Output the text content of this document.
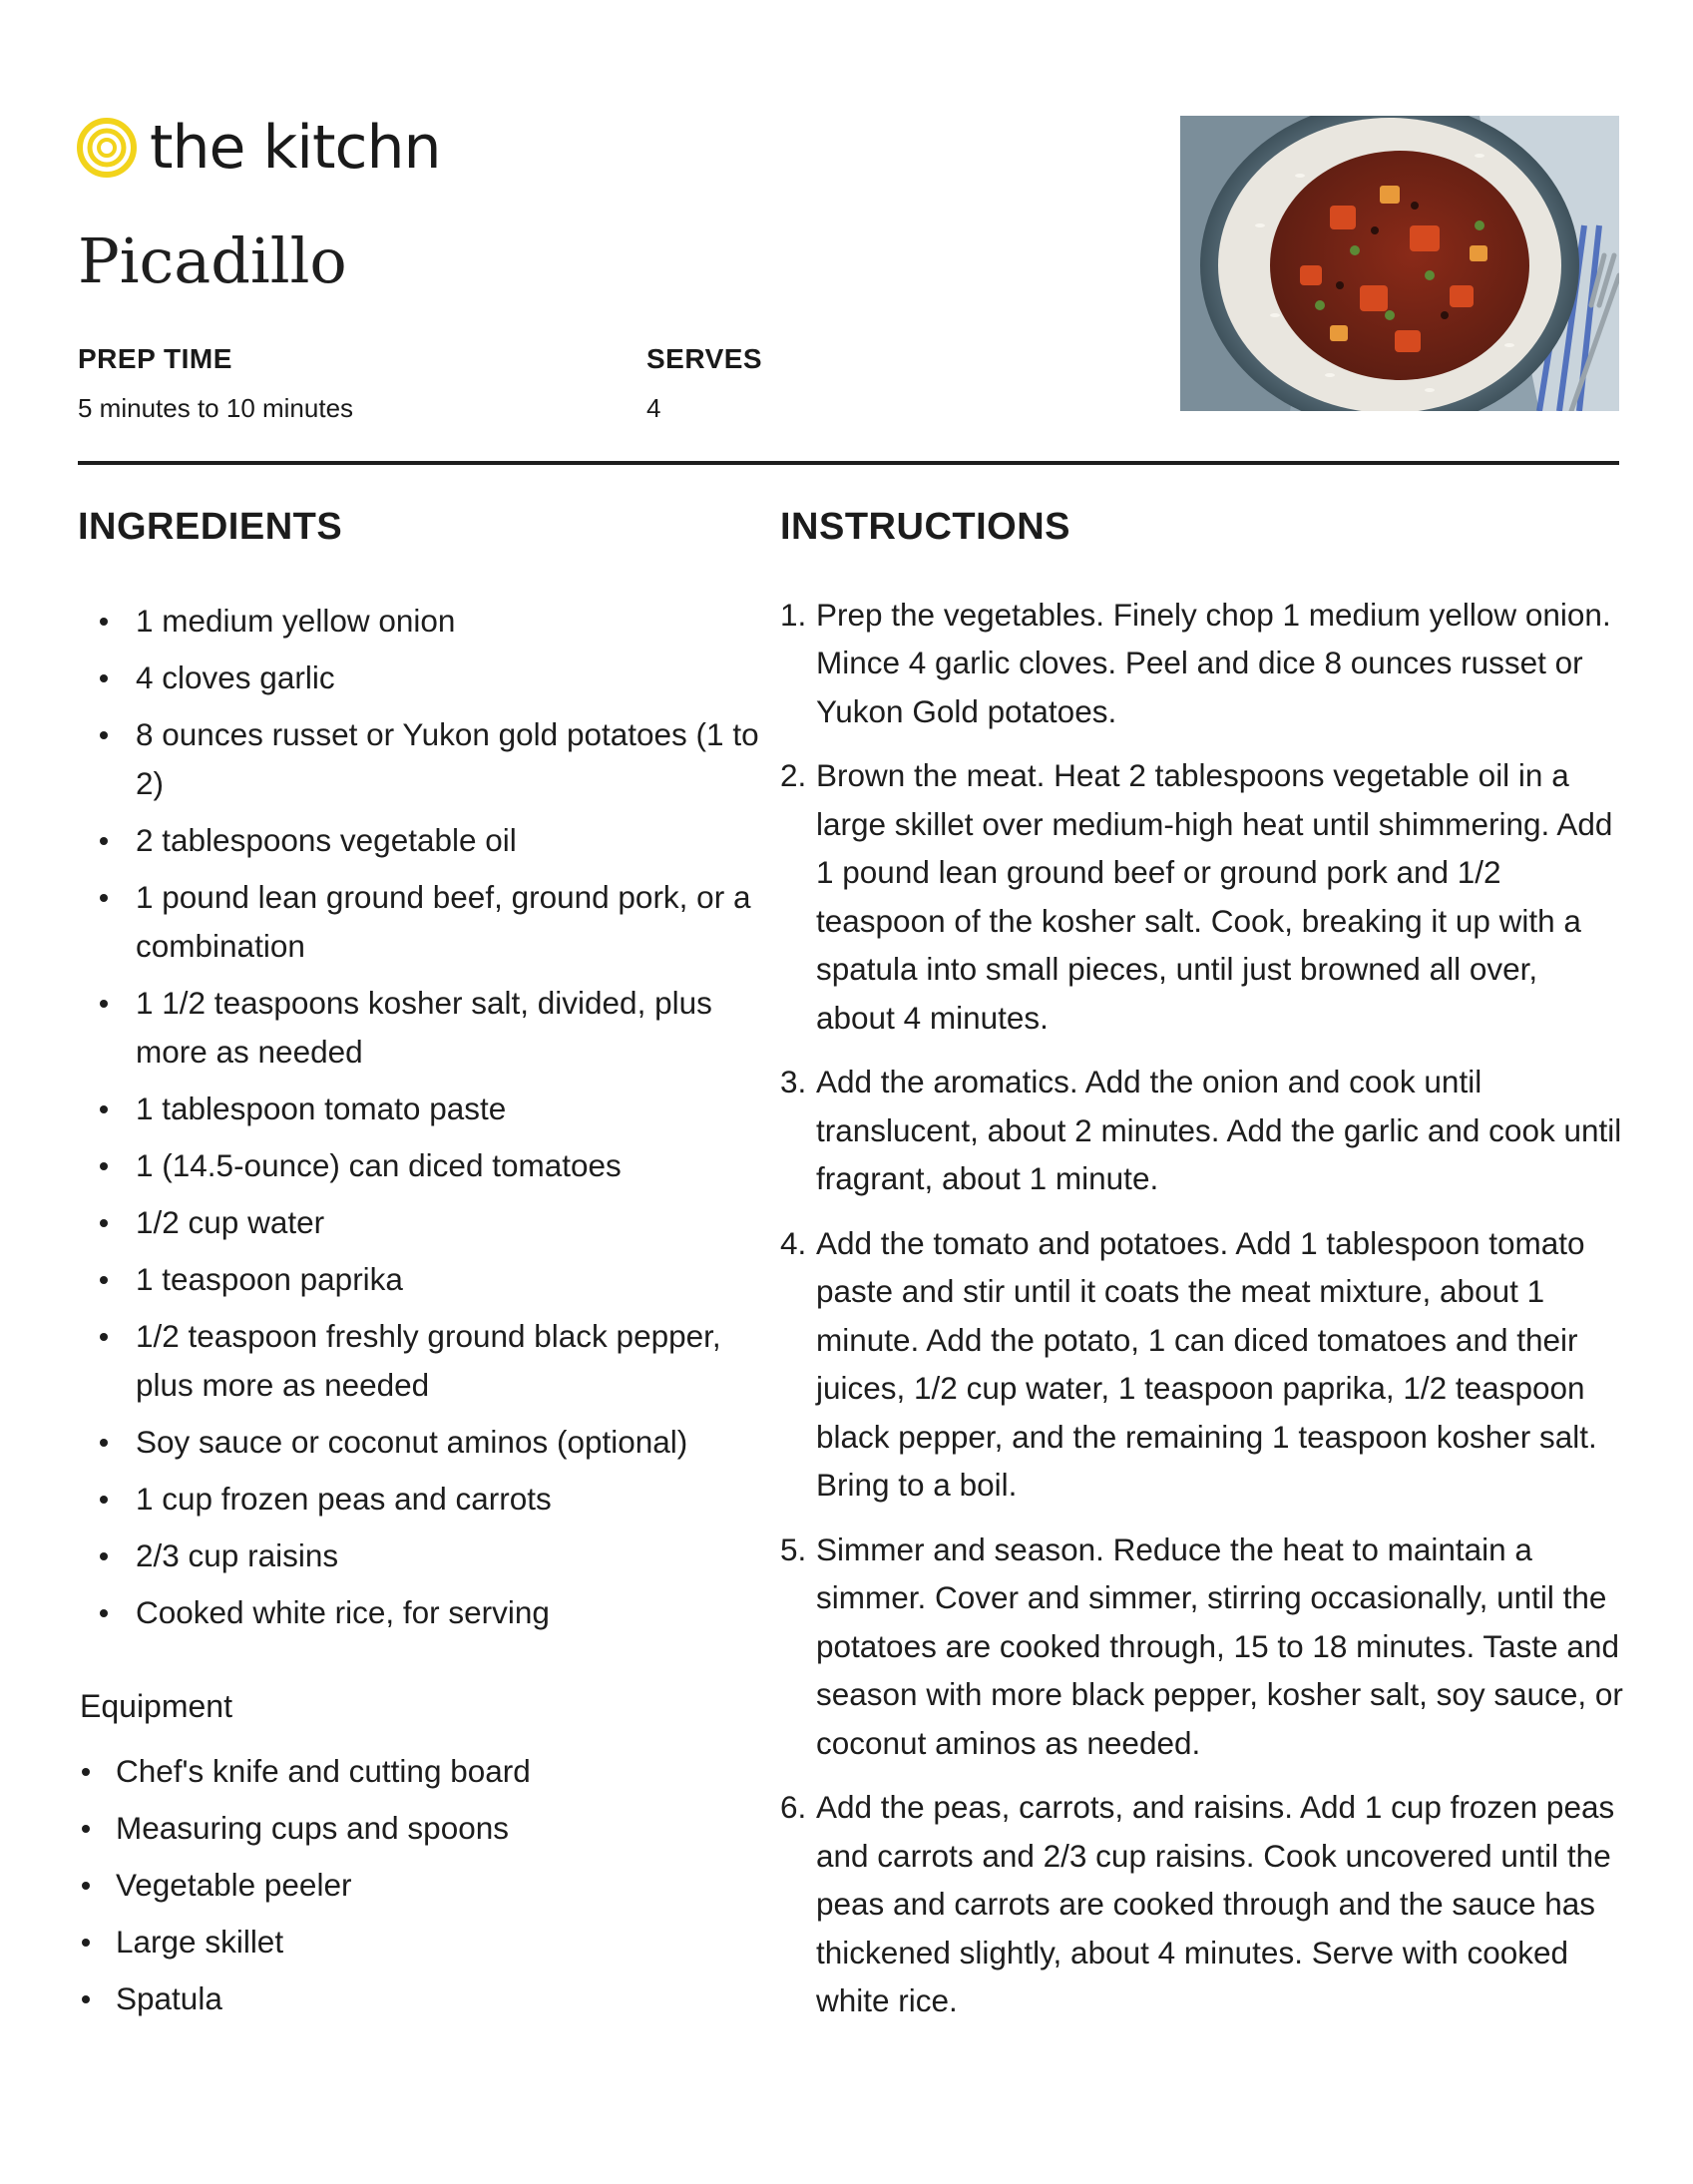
the kitchn
Picadillo
PREP TIME
5 minutes to 10 minutes
SERVES
4
INGREDIENTS
1 medium yellow onion
4 cloves garlic
8 ounces russet or Yukon gold potatoes (1 to 2)
2 tablespoons vegetable oil
1 pound lean ground beef, ground pork, or a combination
1 1/2 teaspoons kosher salt, divided, plus more as needed
1 tablespoon tomato paste
1 (14.5-ounce) can diced tomatoes
1/2 cup water
1 teaspoon paprika
1/2 teaspoon freshly ground black pepper, plus more as needed
Soy sauce or coconut aminos (optional)
1 cup frozen peas and carrots
2/3 cup raisins
Cooked white rice, for serving
Equipment
Chef's knife and cutting board
Measuring cups and spoons
Vegetable peeler
Large skillet
Spatula
INSTRUCTIONS
1. Prep the vegetables. Finely chop 1 medium yellow onion. Mince 4 garlic cloves. Peel and dice 8 ounces russet or Yukon Gold potatoes.
2. Brown the meat. Heat 2 tablespoons vegetable oil in a large skillet over medium-high heat until shimmering. Add 1 pound lean ground beef or ground pork and 1/2 teaspoon of the kosher salt. Cook, breaking it up with a spatula into small pieces, until just browned all over, about 4 minutes.
3. Add the aromatics. Add the onion and cook until translucent, about 2 minutes. Add the garlic and cook until fragrant, about 1 minute.
4. Add the tomato and potatoes. Add 1 tablespoon tomato paste and stir until it coats the meat mixture, about 1 minute. Add the potato, 1 can diced tomatoes and their juices, 1/2 cup water, 1 teaspoon paprika, 1/2 teaspoon black pepper, and the remaining 1 teaspoon kosher salt. Bring to a boil.
5. Simmer and season. Reduce the heat to maintain a simmer. Cover and simmer, stirring occasionally, until the potatoes are cooked through, 15 to 18 minutes. Taste and season with more black pepper, kosher salt, soy sauce, or coconut aminos as needed.
6. Add the peas, carrots, and raisins. Add 1 cup frozen peas and carrots and 2/3 cup raisins. Cook uncovered until the peas and carrots are cooked through and the sauce has thickened slightly, about 4 minutes. Serve with cooked white rice.
